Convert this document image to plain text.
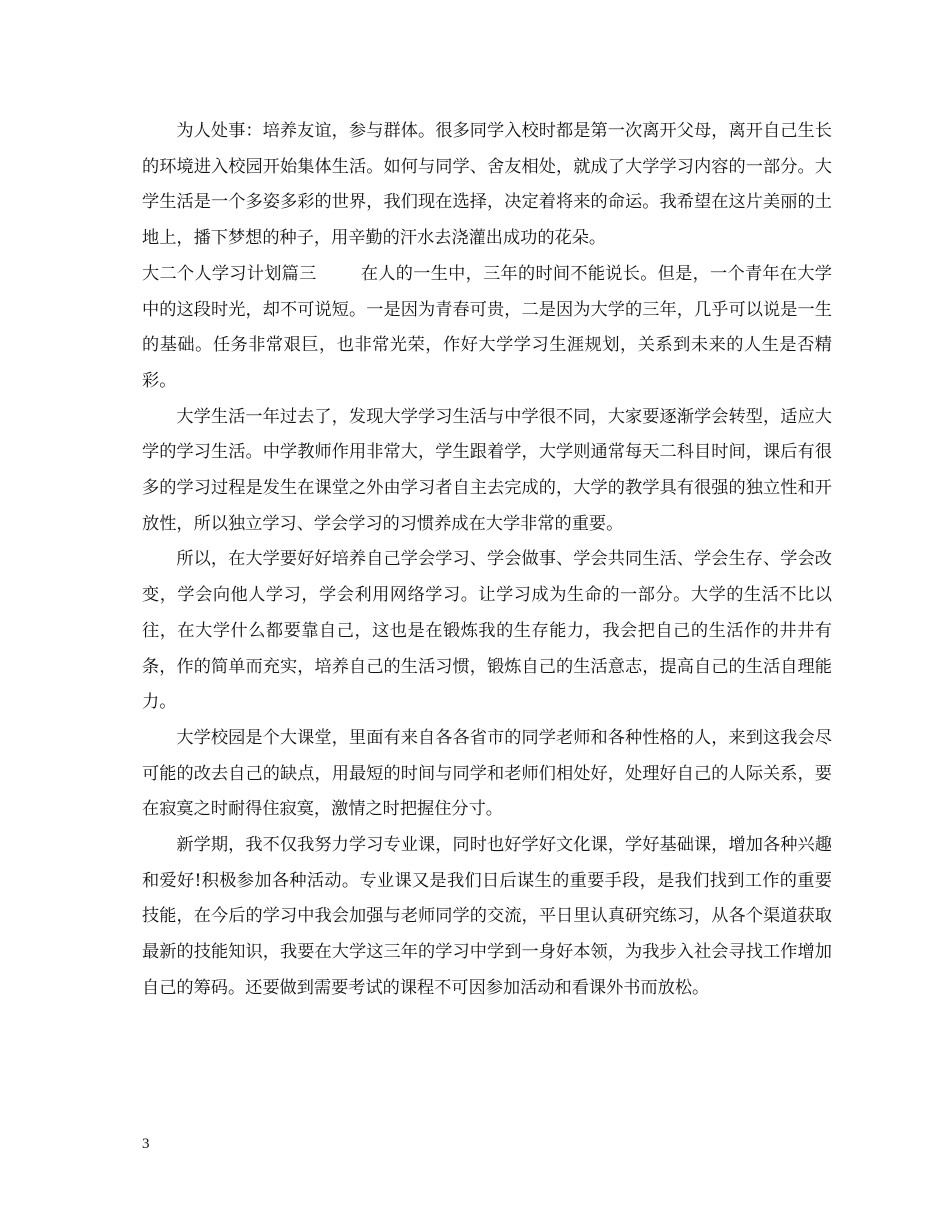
为人处事：培养友谊，参与群体。很多同学入校时都是第一次离开父母，离开自己生长的环境进入校园开始集体生活。如何与同学、舍友相处，就成了大学学习内容的一部分。大学生活是一个多姿多彩的世界，我们现在选择，决定着将来的命运。我希望在这片美丽的土地上，播下梦想的种子，用辛勤的汗水去浇灌出成功的花朵。

大二个人学习计划篇三	在人的一生中，三年的时间不能说长。但是，一个青年在大学中的这段时光，却不可说短。一是因为青春可贵，二是因为大学的三年，几乎可以说是一生的基础。任务非常艰巨，也非常光荣，作好大学学习生涯规划，关系到未来的人生是否精彩。

大学生活一年过去了，发现大学学习生活与中学很不同，大家要逐渐学会转型，适应大学的学习生活。中学教师作用非常大，学生跟着学，大学则通常每天二科目时间，课后有很多的学习过程是发生在课堂之外由学习者自主去完成的，大学的教学具有很强的独立性和开放性，所以独立学习、学会学习的习惯养成在大学非常的重要。

所以，在大学要好好培养自己学会学习、学会做事、学会共同生活、学会生存、学会改变，学会向他人学习，学会利用网络学习。让学习成为生命的一部分。大学的生活不比以往，在大学什么都要靠自己，这也是在锻炼我的生存能力，我会把自己的生活作的井井有条，作的简单而充实，培养自己的生活习惯，锻炼自己的生活意志，提高自己的生活自理能力。

大学校园是个大课堂，里面有来自各各省市的同学老师和各种性格的人，来到这我会尽可能的改去自己的缺点，用最短的时间与同学和老师们相处好，处理好自己的人际关系，要在寂寞之时耐得住寂寞，激情之时把握住分寸。

新学期，我不仅我努力学习专业课，同时也好学好文化课，学好基础课，增加各种兴趣和爱好!积极参加各种活动。专业课又是我们日后谋生的重要手段，是我们找到工作的重要技能，在今后的学习中我会加强与老师同学的交流，平日里认真研究练习，从各个渠道获取最新的技能知识，我要在大学这三年的学习中学到一身好本领，为我步入社会寻找工作增加自己的筹码。还要做到需要考试的课程不可因参加活动和看课外书而放松。

3
